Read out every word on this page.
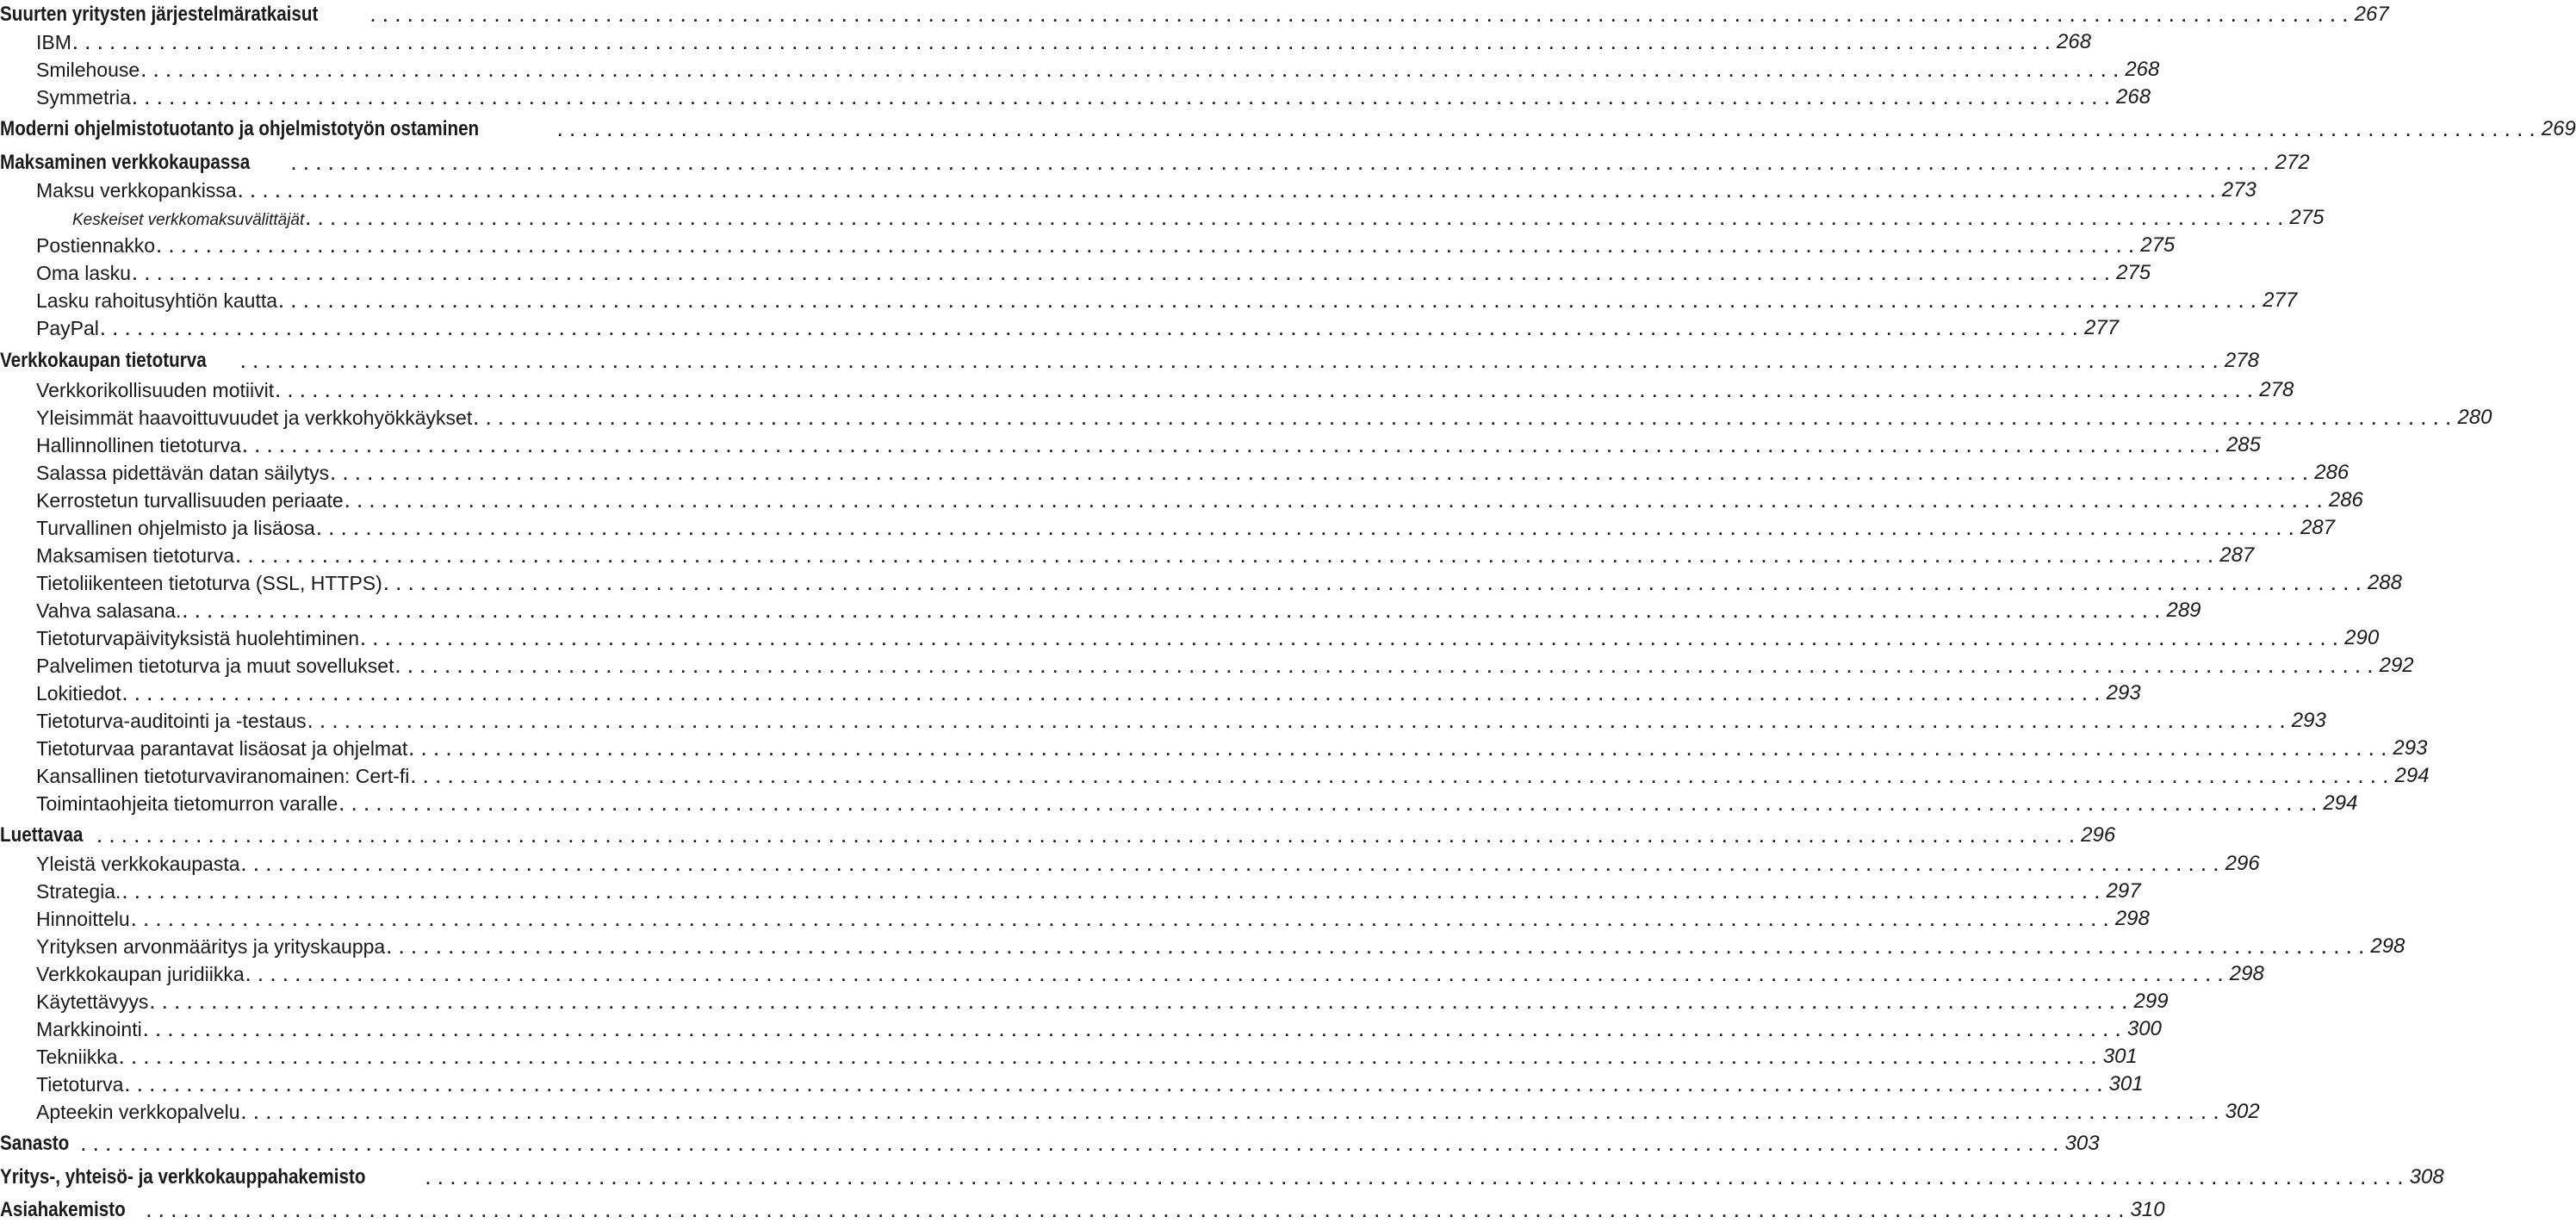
Suurten yritysten järjestelmäratkaisut	. . . . . . . . . . . . . . . . . . . . . . . . . . . . . . . . . . . . . . . . . . . . . . . . . . . . . . . . . . . . . . . . . . . . . . . . . . . . . . . . . . . . . . . . . . . . . . . . . . . . . . . . . . . . . . . . . . . . . . . . . . . . . . . . . . . . . . . . . . . . . . . . . . . . . . . . . . . . . . . . 267
IBM . . . . . . . . . . . . . . . . . . . . . . . . . . . . . . . . . . . . . . . . . . . . . . . . . . . . . . . . . . . . . . . . . . . . . . . . . . . . . . . . . . . . . . . . . . . . . . . . . . . . . . . . . . . . . . . . . . . . . . . . . . . . . . . . . . . . . . . . . . . . . . . . . . . . . . . . . . . . . . . . 268
Smilehouse . . . . . . . . . . . . . . . . . . . . . . . . . . . . . . . . . . . . . . . . . . . . . . . . . . . . . . . . . . . . . . . . . . . . . . . . . . . . . . . . . . . . . . . . . . . . . . . . . . . . . . . . . . . . . . . . . . . . . . . . . . . . . . . . . . . . . . . . . . . . . . . . . . . . . . . . . . . . . . . . 268
Symmetria . . . . . . . . . . . . . . . . . . . . . . . . . . . . . . . . . . . . . . . . . . . . . . . . . . . . . . . . . . . . . . . . . . . . . . . . . . . . . . . . . . . . . . . . . . . . . . . . . . . . . . . . . . . . . . . . . . . . . . . . . . . . . . . . . . . . . . . . . . . . . . . . . . . . . . . . . . . . . . . . 268
Moderni ohjelmistotuotanto ja ohjelmistotyön ostaminen	. . . . . . . . . . . . . . . . . . . . . . . . . . . . . . . . . . . . . . . . . . . . . . . . . . . . . . . . . . . . . . . . . . . . . . . . . . . . . . . . . . . . . . . . . . . . . . . . . . . . . . . . . . . . . . . . . . . . . . . . . . . . . . . . . . . . . . . . . . . . . . . . . . . . . . . . . . . . . . . . 269
Maksaminen verkkokaupassa	. . . . . . . . . . . . . . . . . . . . . . . . . . . . . . . . . . . . . . . . . . . . . . . . . . . . . . . . . . . . . . . . . . . . . . . . . . . . . . . . . . . . . . . . . . . . . . . . . . . . . . . . . . . . . . . . . . . . . . . . . . . . . . . . . . . . . . . . . . . . . . . . . . . . . . . . . . . . . . . . 272
Maksu verkkopankissa . . . . . . . . . . . . . . . . . . . . . . . . . . . . . . . . . . . . . . . . . . . . . . . . . . . . . . . . . . . . . . . . . . . . . . . . . . . . . . . . . . . . . . . . . . . . . . . . . . . . . . . . . . . . . . . . . . . . . . . . . . . . . . . . . . . . . . . . . . . . . . . . . . . . . . . . . . . . . . . . 273
Keskeiset verkkomaksuvälittäjät . . . . . . . . . . . . . . . . . . . . . . . . . . . . . . . . . . . . . . . . . . . . . . . . . . . . . . . . . . . . . . . . . . . . . . . . . . . . . . . . . . . . . . . . . . . . . . . . . . . . . . . . . . . . . . . . . . . . . . . . . . . . . . . . . . . . . . . . . . . . . . . . . . . . . . . . . . . . . . . . 275
Postiennakko . . . . . . . . . . . . . . . . . . . . . . . . . . . . . . . . . . . . . . . . . . . . . . . . . . . . . . . . . . . . . . . . . . . . . . . . . . . . . . . . . . . . . . . . . . . . . . . . . . . . . . . . . . . . . . . . . . . . . . . . . . . . . . . . . . . . . . . . . . . . . . . . . . . . . . . . . . . . . . . . 275
Oma lasku . . . . . . . . . . . . . . . . . . . . . . . . . . . . . . . . . . . . . . . . . . . . . . . . . . . . . . . . . . . . . . . . . . . . . . . . . . . . . . . . . . . . . . . . . . . . . . . . . . . . . . . . . . . . . . . . . . . . . . . . . . . . . . . . . . . . . . . . . . . . . . . . . . . . . . . . . . . . . . . . 275
Lasku rahoitusyhtiön kautta . . . . . . . . . . . . . . . . . . . . . . . . . . . . . . . . . . . . . . . . . . . . . . . . . . . . . . . . . . . . . . . . . . . . . . . . . . . . . . . . . . . . . . . . . . . . . . . . . . . . . . . . . . . . . . . . . . . . . . . . . . . . . . . . . . . . . . . . . . . . . . . . . . . . . . . . . . . . . . . . 277
PayPal . . . . . . . . . . . . . . . . . . . . . . . . . . . . . . . . . . . . . . . . . . . . . . . . . . . . . . . . . . . . . . . . . . . . . . . . . . . . . . . . . . . . . . . . . . . . . . . . . . . . . . . . . . . . . . . . . . . . . . . . . . . . . . . . . . . . . . . . . . . . . . . . . . . . . . . . . . . . . . . . 277
Verkkokaupan tietoturva . . . . . . . . . . . . . . . . . . . . . . . . . . . . . . . . . . . . . . . . . . . . . . . . . . . . . . . . . . . . . . . . . . . . . . . . . . . . . . . . . . . . . . . . . . . . . . . . . . . . . . . . . . . . . . . . . . . . . . . . . . . . . . . . . . . . . . . . . . . . . . . . . . . . . . . . . . . . . . . . 278
Verkkorikollisuuden motiivit . . . . . . . . . . . . . . . . . . . . . . . . . . . . . . . . . . . . . . . . . . . . . . . . . . . . . . . . . . . . . . . . . . . . . . . . . . . . . . . . . . . . . . . . . . . . . . . . . . . . . . . . . . . . . . . . . . . . . . . . . . . . . . . . . . . . . . . . . . . . . . . . . . . . . . . . . . . . . . . . 278
Yleisimmät haavoittuvuudet ja verkkohyökkäykset . . . . . . . . . . . . . . . . . . . . . . . . . . . . . . . . . . . . . . . . . . . . . . . . . . . . . . . . . . . . . . . . . . . . . . . . . . . . . . . . . . . . . . . . . . . . . . . . . . . . . . . . . . . . . . . . . . . . . . . . . . . . . . . . . . . . . . . . . . . . . . . . . . . . . . . . . . . . . . . . 280
Hallinnollinen tietoturva . . . . . . . . . . . . . . . . . . . . . . . . . . . . . . . . . . . . . . . . . . . . . . . . . . . . . . . . . . . . . . . . . . . . . . . . . . . . . . . . . . . . . . . . . . . . . . . . . . . . . . . . . . . . . . . . . . . . . . . . . . . . . . . . . . . . . . . . . . . . . . . . . . . . . . . . . . . . . . . . 285
Salassa pidettävän datan säilytys . . . . . . . . . . . . . . . . . . . . . . . . . . . . . . . . . . . . . . . . . . . . . . . . . . . . . . . . . . . . . . . . . . . . . . . . . . . . . . . . . . . . . . . . . . . . . . . . . . . . . . . . . . . . . . . . . . . . . . . . . . . . . . . . . . . . . . . . . . . . . . . . . . . . . . . . . . . . . . . . 286
Kerrostetun turvallisuuden periaate . . . . . . . . . . . . . . . . . . . . . . . . . . . . . . . . . . . . . . . . . . . . . . . . . . . . . . . . . . . . . . . . . . . . . . . . . . . . . . . . . . . . . . . . . . . . . . . . . . . . . . . . . . . . . . . . . . . . . . . . . . . . . . . . . . . . . . . . . . . . . . . . . . . . . . . . . . . . . . . . 286
Turvallinen ohjelmisto ja lisäosa . . . . . . . . . . . . . . . . . . . . . . . . . . . . . . . . . . . . . . . . . . . . . . . . . . . . . . . . . . . . . . . . . . . . . . . . . . . . . . . . . . . . . . . . . . . . . . . . . . . . . . . . . . . . . . . . . . . . . . . . . . . . . . . . . . . . . . . . . . . . . . . . . . . . . . . . . . . . . . . . 287
Maksamisen tietoturva . . . . . . . . . . . . . . . . . . . . . . . . . . . . . . . . . . . . . . . . . . . . . . . . . . . . . . . . . . . . . . . . . . . . . . . . . . . . . . . . . . . . . . . . . . . . . . . . . . . . . . . . . . . . . . . . . . . . . . . . . . . . . . . . . . . . . . . . . . . . . . . . . . . . . . . . . . . . . . . . 287
Tietoliikenteen tietoturva (SSL, HTTPS) . . . . . . . . . . . . . . . . . . . . . . . . . . . . . . . . . . . . . . . . . . . . . . . . . . . . . . . . . . . . . . . . . . . . . . . . . . . . . . . . . . . . . . . . . . . . . . . . . . . . . . . . . . . . . . . . . . . . . . . . . . . . . . . . . . . . . . . . . . . . . . . . . . . . . . . . . . . . . . . . 288
Vahva salasana. . . . . . . . . . . . . . . . . . . . . . . . . . . . . . . . . . . . . . . . . . . . . . . . . . . . . . . . . . . . . . . . . . . . . . . . . . . . . . . . . . . . . . . . . . . . . . . . . . . . . . . . . . . . . . . . . . . . . . . . . . . . . . . . . . . . . . . . . . . . . . . . . . . . . . . . . . . . . . . . . 289
Tietoturvapäivityksistä huolehtiminen . . . . . . . . . . . . . . . . . . . . . . . . . . . . . . . . . . . . . . . . . . . . . . . . . . . . . . . . . . . . . . . . . . . . . . . . . . . . . . . . . . . . . . . . . . . . . . . . . . . . . . . . . . . . . . . . . . . . . . . . . . . . . . . . . . . . . . . . . . . . . . . . . . . . . . . . . . . . . . . . 290
Palvelimen tietoturva ja muut sovellukset . . . . . . . . . . . . . . . . . . . . . . . . . . . . . . . . . . . . . . . . . . . . . . . . . . . . . . . . . . . . . . . . . . . . . . . . . . . . . . . . . . . . . . . . . . . . . . . . . . . . . . . . . . . . . . . . . . . . . . . . . . . . . . . . . . . . . . . . . . . . . . . . . . . . . . . . . . . . . . . . 292
Lokitiedot . . . . . . . . . . . . . . . . . . . . . . . . . . . . . . . . . . . . . . . . . . . . . . . . . . . . . . . . . . . . . . . . . . . . . . . . . . . . . . . . . . . . . . . . . . . . . . . . . . . . . . . . . . . . . . . . . . . . . . . . . . . . . . . . . . . . . . . . . . . . . . . . . . . . . . . . . . . . . . . . 293
Tietoturva-auditointi ja -testaus . . . . . . . . . . . . . . . . . . . . . . . . . . . . . . . . . . . . . . . . . . . . . . . . . . . . . . . . . . . . . . . . . . . . . . . . . . . . . . . . . . . . . . . . . . . . . . . . . . . . . . . . . . . . . . . . . . . . . . . . . . . . . . . . . . . . . . . . . . . . . . . . . . . . . . . . . . . . . . . . 293
Tietoturvaa parantavat lisäosat ja ohjelmat . . . . . . . . . . . . . . . . . . . . . . . . . . . . . . . . . . . . . . . . . . . . . . . . . . . . . . . . . . . . . . . . . . . . . . . . . . . . . . . . . . . . . . . . . . . . . . . . . . . . . . . . . . . . . . . . . . . . . . . . . . . . . . . . . . . . . . . . . . . . . . . . . . . . . . . . . . . . . . . . 293
Kansallinen tietoturvaviranomainen: Cert-fi . . . . . . . . . . . . . . . . . . . . . . . . . . . . . . . . . . . . . . . . . . . . . . . . . . . . . . . . . . . . . . . . . . . . . . . . . . . . . . . . . . . . . . . . . . . . . . . . . . . . . . . . . . . . . . . . . . . . . . . . . . . . . . . . . . . . . . . . . . . . . . . . . . . . . . . . . . . . . . . . 294
Toimintaohjeita tietomurron varalle . . . . . . . . . . . . . . . . . . . . . . . . . . . . . . . . . . . . . . . . . . . . . . . . . . . . . . . . . . . . . . . . . . . . . . . . . . . . . . . . . . . . . . . . . . . . . . . . . . . . . . . . . . . . . . . . . . . . . . . . . . . . . . . . . . . . . . . . . . . . . . . . . . . . . . . . . . . . . . . . 294
Luettavaa . . . . . . . . . . . . . . . . . . . . . . . . . . . . . . . . . . . . . . . . . . . . . . . . . . . . . . . . . . . . . . . . . . . . . . . . . . . . . . . . . . . . . . . . . . . . . . . . . . . . . . . . . . . . . . . . . . . . . . . . . . . . . . . . . . . . . . . . . . . . . . . . . . . . . . . . . . . . . . . . 296
Yleistä verkkokaupasta . . . . . . . . . . . . . . . . . . . . . . . . . . . . . . . . . . . . . . . . . . . . . . . . . . . . . . . . . . . . . . . . . . . . . . . . . . . . . . . . . . . . . . . . . . . . . . . . . . . . . . . . . . . . . . . . . . . . . . . . . . . . . . . . . . . . . . . . . . . . . . . . . . . . . . . . . . . . . . . . 296
Strategia. . . . . . . . . . . . . . . . . . . . . . . . . . . . . . . . . . . . . . . . . . . . . . . . . . . . . . . . . . . . . . . . . . . . . . . . . . . . . . . . . . . . . . . . . . . . . . . . . . . . . . . . . . . . . . . . . . . . . . . . . . . . . . . . . . . . . . . . . . . . . . . . . . . . . . . . . . . . . . . . . 297
Hinnoittelu . . . . . . . . . . . . . . . . . . . . . . . . . . . . . . . . . . . . . . . . . . . . . . . . . . . . . . . . . . . . . . . . . . . . . . . . . . . . . . . . . . . . . . . . . . . . . . . . . . . . . . . . . . . . . . . . . . . . . . . . . . . . . . . . . . . . . . . . . . . . . . . . . . . . . . . . . . . . . . . . 298
Yrityksen arvonmääritys ja yrityskauppa . . . . . . . . . . . . . . . . . . . . . . . . . . . . . . . . . . . . . . . . . . . . . . . . . . . . . . . . . . . . . . . . . . . . . . . . . . . . . . . . . . . . . . . . . . . . . . . . . . . . . . . . . . . . . . . . . . . . . . . . . . . . . . . . . . . . . . . . . . . . . . . . . . . . . . . . . . . . . . . . 298
Verkkokaupan juridiikka . . . . . . . . . . . . . . . . . . . . . . . . . . . . . . . . . . . . . . . . . . . . . . . . . . . . . . . . . . . . . . . . . . . . . . . . . . . . . . . . . . . . . . . . . . . . . . . . . . . . . . . . . . . . . . . . . . . . . . . . . . . . . . . . . . . . . . . . . . . . . . . . . . . . . . . . . . . . . . . . 298
Käytettävyys . . . . . . . . . . . . . . . . . . . . . . . . . . . . . . . . . . . . . . . . . . . . . . . . . . . . . . . . . . . . . . . . . . . . . . . . . . . . . . . . . . . . . . . . . . . . . . . . . . . . . . . . . . . . . . . . . . . . . . . . . . . . . . . . . . . . . . . . . . . . . . . . . . . . . . . . . . . . . . . . 299
Markkinointi . . . . . . . . . . . . . . . . . . . . . . . . . . . . . . . . . . . . . . . . . . . . . . . . . . . . . . . . . . . . . . . . . . . . . . . . . . . . . . . . . . . . . . . . . . . . . . . . . . . . . . . . . . . . . . . . . . . . . . . . . . . . . . . . . . . . . . . . . . . . . . . . . . . . . . . . . . . . . . . . 300
Tekniikka . . . . . . . . . . . . . . . . . . . . . . . . . . . . . . . . . . . . . . . . . . . . . . . . . . . . . . . . . . . . . . . . . . . . . . . . . . . . . . . . . . . . . . . . . . . . . . . . . . . . . . . . . . . . . . . . . . . . . . . . . . . . . . . . . . . . . . . . . . . . . . . . . . . . . . . . . . . . . . . . 301
Tietoturva . . . . . . . . . . . . . . . . . . . . . . . . . . . . . . . . . . . . . . . . . . . . . . . . . . . . . . . . . . . . . . . . . . . . . . . . . . . . . . . . . . . . . . . . . . . . . . . . . . . . . . . . . . . . . . . . . . . . . . . . . . . . . . . . . . . . . . . . . . . . . . . . . . . . . . . . . . . . . . . . 301
Apteekin verkkopalvelu . . . . . . . . . . . . . . . . . . . . . . . . . . . . . . . . . . . . . . . . . . . . . . . . . . . . . . . . . . . . . . . . . . . . . . . . . . . . . . . . . . . . . . . . . . . . . . . . . . . . . . . . . . . . . . . . . . . . . . . . . . . . . . . . . . . . . . . . . . . . . . . . . . . . . . . . . . . . . . . . 302
Sanasto . . . . . . . . . . . . . . . . . . . . . . . . . . . . . . . . . . . . . . . . . . . . . . . . . . . . . . . . . . . . . . . . . . . . . . . . . . . . . . . . . . . . . . . . . . . . . . . . . . . . . . . . . . . . . . . . . . . . . . . . . . . . . . . . . . . . . . . . . . . . . . . . . . . . . . . . . . . . . . . . 303
Yritys-, yhteisö- ja verkkokauppahakemisto	. . . . . . . . . . . . . . . . . . . . . . . . . . . . . . . . . . . . . . . . . . . . . . . . . . . . . . . . . . . . . . . . . . . . . . . . . . . . . . . . . . . . . . . . . . . . . . . . . . . . . . . . . . . . . . . . . . . . . . . . . . . . . . . . . . . . . . . . . . . . . . . . . . . . . . . . . . . . . . . . 308
Asiahakemisto . . . . . . . . . . . . . . . . . . . . . . . . . . . . . . . . . . . . . . . . . . . . . . . . . . . . . . . . . . . . . . . . . . . . . . . . . . . . . . . . . . . . . . . . . . . . . . . . . . . . . . . . . . . . . . . . . . . . . . . . . . . . . . . . . . . . . . . . . . . . . . . . . . . . . . . . . . . . . . . . 310
